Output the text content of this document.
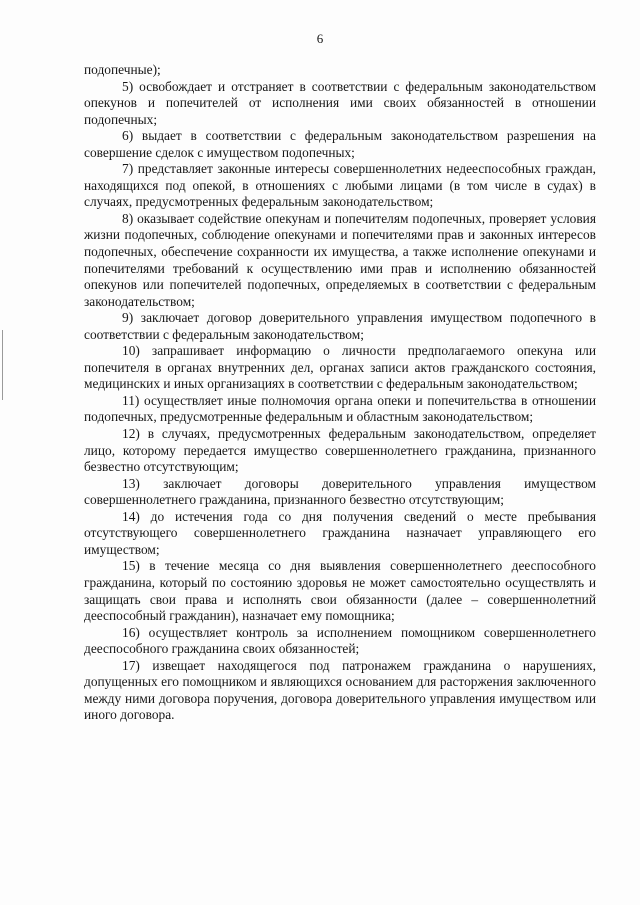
6

подопечные);

5) освобождает и отстраняет в соответствии с федеральным законодательством опекунов и попечителей от исполнения ими своих обязанностей в отношении подопечных;

6) выдает в соответствии с федеральным законодательством разрешения на совершение сделок с имуществом подопечных;

7) представляет законные интересы совершеннолетних недееспособных граждан, находящихся под опекой, в отношениях с любыми лицами (в том числе в судах) в случаях, предусмотренных федеральным законодательством;

8) оказывает содействие опекунам и попечителям подопечных, проверяет условия жизни подопечных, соблюдение опекунами и попечителями прав и законных интересов подопечных, обеспечение сохранности их имущества, а также исполнение опекунами и попечителями требований к осуществлению ими прав и исполнению обязанностей опекунов или попечителей подопечных, определяемых в соответствии с федеральным законодательством;

9) заключает договор доверительного управления имуществом подопечного в соответствии с федеральным законодательством;

10) запрашивает информацию о личности предполагаемого опекуна или попечителя в органах внутренних дел, органах записи актов гражданского состояния, медицинских и иных организациях в соответствии с федеральным законодательством;

11) осуществляет иные полномочия органа опеки и попечительства в отношении подопечных, предусмотренные федеральным и областным законодательством;

12) в случаях, предусмотренных федеральным законодательством, определяет лицо, которому передается имущество совершеннолетнего гражданина, признанного безвестно отсутствующим;

13) заключает договоры доверительного управления имуществом совершеннолетнего гражданина, признанного безвестно отсутствующим;

14) до истечения года со дня получения сведений о месте пребывания отсутствующего совершеннолетнего гражданина назначает управляющего его имуществом;

15) в течение месяца со дня выявления совершеннолетнего дееспособного гражданина, который по состоянию здоровья не может самостоятельно осуществлять и защищать свои права и исполнять свои обязанности (далее – совершеннолетний дееспособный гражданин), назначает ему помощника;

16) осуществляет контроль за исполнением помощником совершеннолетнего дееспособного гражданина своих обязанностей;

17) извещает находящегося под патронажем гражданина о нарушениях, допущенных его помощником и являющихся основанием для расторжения заключенного между ними договора поручения, договора доверительного управления имуществом или иного договора.
